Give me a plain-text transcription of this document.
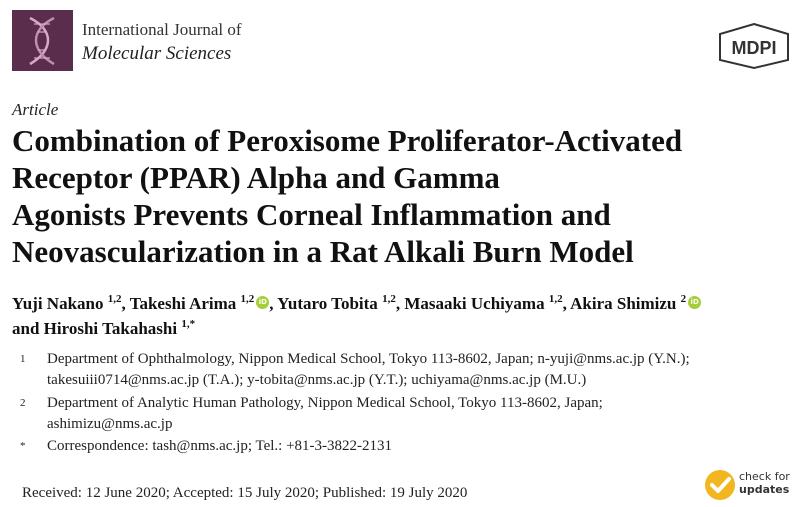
International Journal of
Molecular Sciences	MDPI
Article
Combination of Peroxisome Proliferator-Activated
Receptor (PPAR) Alpha and Gamma
Agonists Prevents Corneal Inflammation and
Neovascularization in a Rat Alkali Burn Model
Yuji Nakano $^{1,2}$, Takeshi Arima $^{1,2}$ iD , Yutaro Tobita $^{1,2}$, Masaaki Uchiyama $^{1,2}$, Akira Shimizu $^2$ iD
and Hiroshi Takahashi $^{1,*}$
1 Department of Ophthalmology, Nippon Medical School, Tokyo 113-8602, Japan; n-yuji@nms.ac.jp (Y.N.);
takesuiii0714@nms.ac.jp (T.A.); y-tobita@nms.ac.jp (Y.T.); uchiyama@nms.ac.jp (M.U.)
2 Department of Analytic Human Pathology, Nippon Medical School, Tokyo 113-8602, Japan;
ashimizu@nms.ac.jp
* Correspondence: tash@nms.ac.jp; Tel.: +81-3-3822-2131
Received: 12 June 2020; Accepted: 15 July 2020; Published: 19 July 2020
check for
updates
